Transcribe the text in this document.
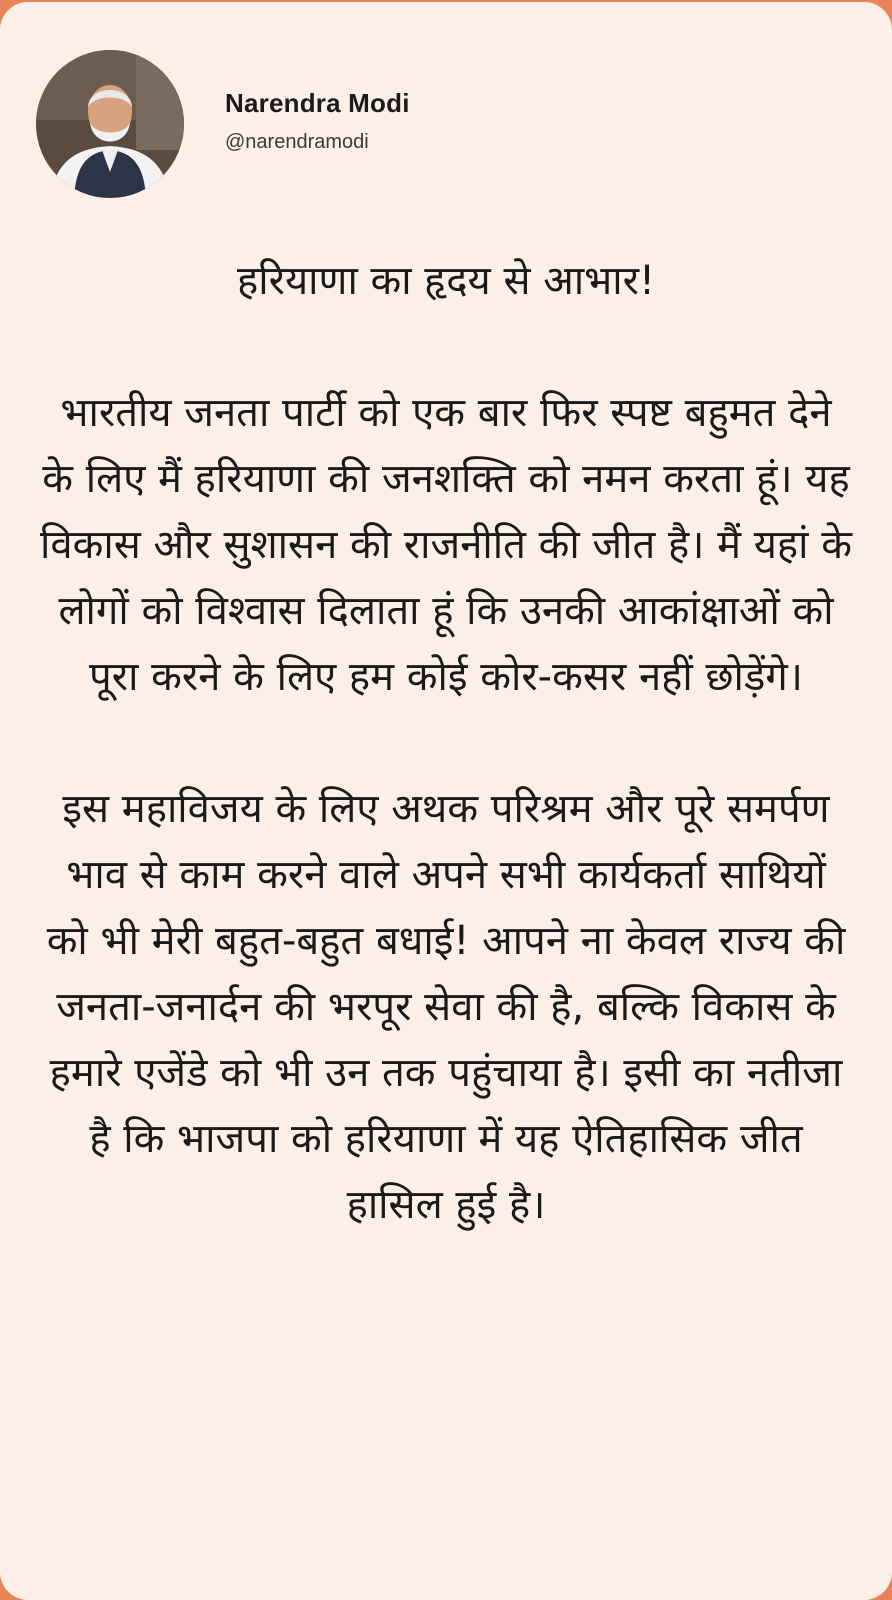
Narendra Modi
@narendramodi

हरियाणा का हृदय से आभार!

भारतीय जनता पार्टी को एक बार फिर स्पष्ट बहुमत देने के लिए मैं हरियाणा की जनशक्ति को नमन करता हूं। यह विकास और सुशासन की राजनीति की जीत है। मैं यहां के लोगों को विश्वास दिलाता हूं कि उनकी आकांक्षाओं को पूरा करने के लिए हम कोई कोर-कसर नहीं छोड़ेंगे।

इस महाविजय के लिए अथक परिश्रम और पूरे समर्पण भाव से काम करने वाले अपने सभी कार्यकर्ता साथियों को भी मेरी बहुत-बहुत बधाई! आपने ना केवल राज्य की जनता-जनार्दन की भरपूर सेवा की है, बल्कि विकास के हमारे एजेंडे को भी उन तक पहुंचाया है। इसी का नतीजा है कि भाजपा को हरियाणा में यह ऐतिहासिक जीत हासिल हुई है।
